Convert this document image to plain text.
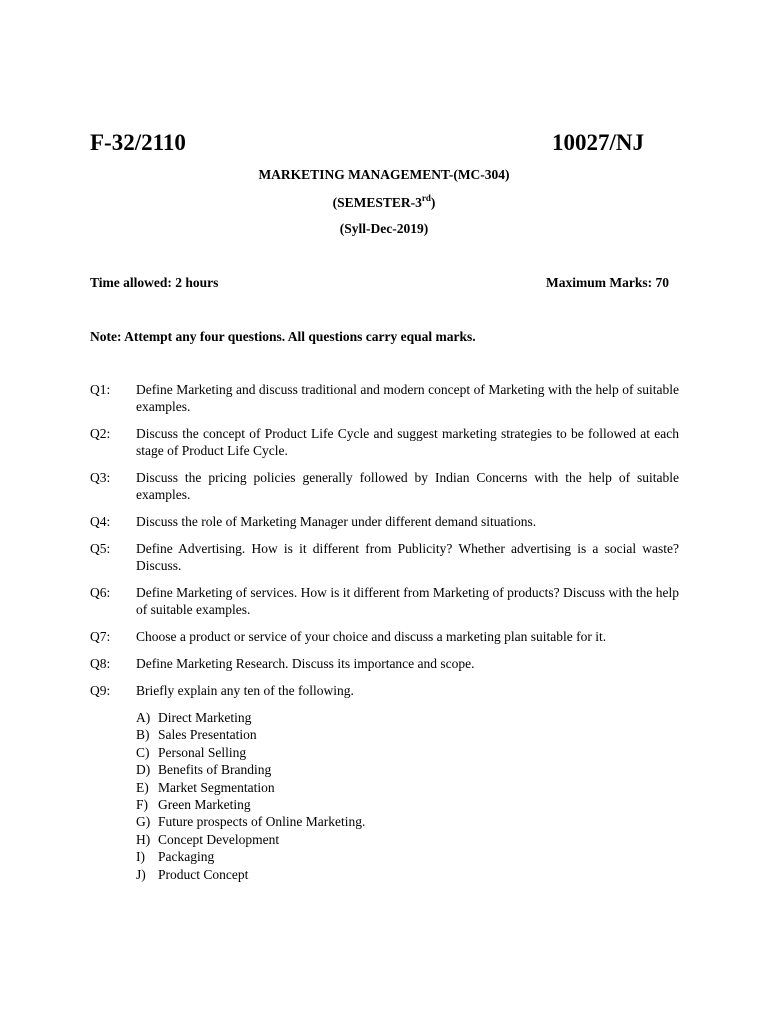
F-32/2110	10027/NJ
MARKETING MANAGEMENT-(MC-304)
(SEMESTER-3rd)
(Syll-Dec-2019)
Time allowed: 2 hours	Maximum Marks: 70
Note: Attempt any four questions. All questions carry equal marks.
Q1:	Define Marketing and discuss traditional and modern concept of Marketing with the help of suitable examples.
Q2:	Discuss the concept of Product Life Cycle and suggest marketing strategies to be followed at each stage of Product Life Cycle.
Q3:	Discuss the pricing policies generally followed by Indian Concerns with the help of suitable examples.
Q4:	Discuss the role of Marketing Manager under different demand situations.
Q5:	Define Advertising. How is it different from Publicity? Whether advertising is a social waste? Discuss.
Q6:	Define Marketing of services. How is it different from Marketing of products? Discuss with the help of suitable examples.
Q7:	Choose a product or service of your choice and discuss a marketing plan suitable for it.
Q8:	Define Marketing Research. Discuss its importance and scope.
Q9:	Briefly explain any ten of the following.
A) Direct Marketing
B) Sales Presentation
C) Personal Selling
D) Benefits of Branding
E) Market Segmentation
F) Green Marketing
G) Future prospects of Online Marketing.
H) Concept Development
I) Packaging
J) Product Concept
